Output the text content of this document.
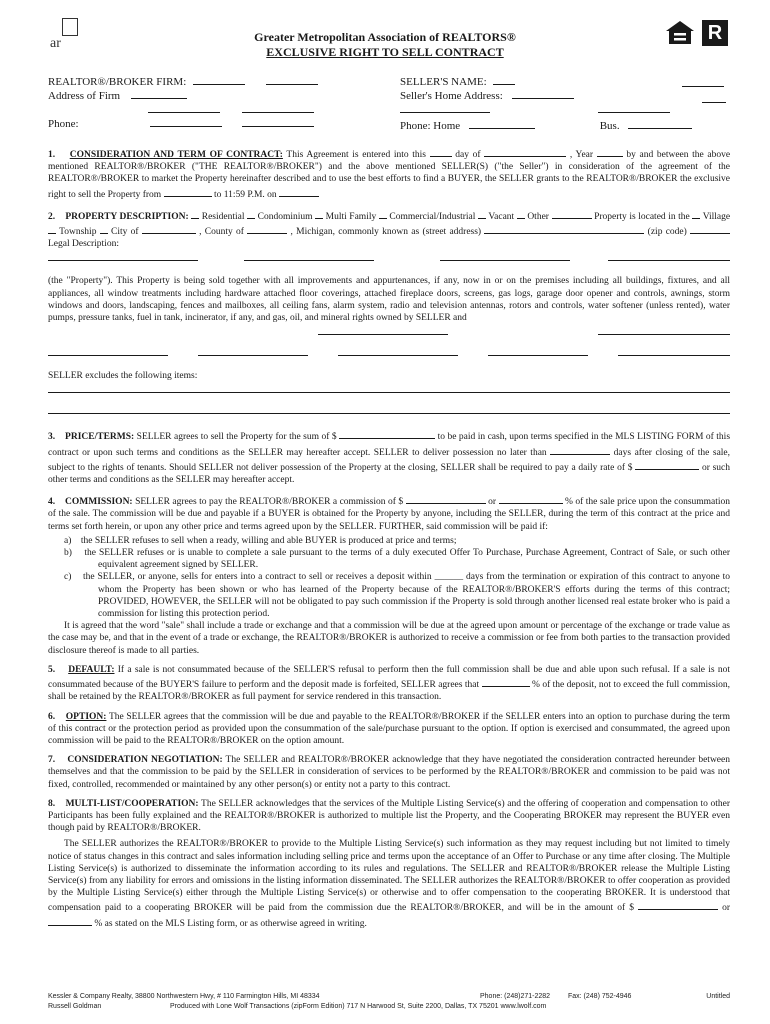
ar	Greater Metropolitan Association of REALTORS®
EXCLUSIVE RIGHT TO SELL CONTRACT
R
REALTOR®/BROKER FIRM:
Address of Firm
Phone:
SELLER'S NAME:
Seller's Home Address:
Phone: Home	Bus.

1. CONSIDERATION AND TERM OF CONTRACT: This Agreement is entered into this	day of	, Year	by and between the above mentioned REALTOR®/BROKER ("THE REALTOR®/BROKER") and the above mentioned SELLER(S) ("the Seller") in consideration of the agreement of the REALTOR®/BROKER to market the Property hereinafter described and to use the best efforts to find a BUYER, the SELLER grants to the REALTOR®/BROKER the exclusive right to sell the Property from	to 11:59 P.M. on

2. PROPERTY DESCRIPTION: Residential Condominium Multi Family Commercial/Industrial Vacant Other	Property is located in the Village  Township City of	, County of	, Michigan, commonly known as (street address)	(zip code)  Legal Description:

(the "Property"). This Property is being sold together with all improvements and appurtenances, if any, now in or on the premises including all buildings, fixtures, and all appliances, all window treatments including hardware attached floor coverings, attached fireplace doors, screens, gas logs, garage door opener and controls, awnings, storm windows and doors, landscaping, fences and mailboxes, all ceiling fans, alarm system, radio and television antennas, rotors and controls, water softener (unless rented), water pumps, pressure tanks, fuel in tank, incinerator, if any, and gas, oil, and mineral rights owned by SELLER and

SELLER excludes the following items:

3. PRICE/TERMS: SELLER agrees to sell the Property for the sum of $	to be paid in cash, upon terms specified in the MLS LISTING FORM of this contract or upon such terms and conditions as the SELLER may hereafter accept. SELLER to deliver possession no later than	days after closing of the sale, subject to the rights of tenants. Should SELLER not deliver possession of the Property at the closing, SELLER shall be required to pay a daily rate of $	or such other terms and conditions as the SELLER may hereafter accept.

4. COMMISSION: SELLER agrees to pay the REALTOR®/BROKER a commission of $	or	% of the sale price upon the consummation of the sale. The commission will be due and payable if a BUYER is obtained for the Property by anyone, including the SELLER, during the term of this contract at the price and terms set forth herein, or upon any other price and terms agreed upon by the SELLER. FURTHER, said commission will be paid if:

a) the SELLER refuses to sell when a ready, willing and able BUYER is produced at price and terms;
b) the SELLER refuses or is unable to complete a sale pursuant to the terms of a duly executed Offer To Purchase, Purchase Agreement, Contract of Sale, or such other equivalent agreement signed by SELLER.
c) the SELLER, or anyone, sells for enters into a contract to sell or receives a deposit within ______ days from the termination or expiration of this contract to anyone to whom the Property has been shown or who has learned of the Property because of the REALTOR®/BROKER'S efforts during the terms of this contract; PROVIDED, HOWEVER, the SELLER will not be obligated to pay such commission if the Property is sold through another licensed real estate broker who is paid a commission for listing this protection period.

It is agreed that the word "sale" shall include a trade or exchange and that a commission will be due at the agreed upon amount or percentage of the exchange or trade value as the case may be, and that in the event of a trade or exchange, the REALTOR®/BROKER is authorized to receive a commission or fee from both parties to the transaction provided disclosure thereof is made to all parties.

5. DEFAULT: If a sale is not consummated because of the SELLER'S refusal to perform then the full commission shall be due and able upon such refusal. If a sale is not consummated because of the BUYER'S failure to perform and the deposit made is forfeited, SELLER agrees that	% of the deposit, not to exceed the full commission, shall be retained by the REALTOR®/BROKER as full payment for service rendered in this transaction.

6. OPTION: The SELLER agrees that the commission will be due and payable to the REALTOR®/BROKER if the SELLER enters into an option to purchase during the term of this contract or the protection period as provided upon the consummation of the sale/purchase pursuant to the option. If option is exercised and consummated, the agreed upon commission will be paid to the REALTOR®/BROKER on the option amount.

7. CONSIDERATION NEGOTIATION: The SELLER and REALTOR®/BROKER acknowledge that they have negotiated the consideration contracted hereunder between themselves and that the commission to be paid by the SELLER in consideration of services to be performed by the REALTOR®/BROKER and commission to be paid was not fixed, controlled, recommended or maintained by any other person(s) or entity not a party to this contract.

8. MULTI-LIST/COOPERATION: The SELLER acknowledges that the services of the Multiple Listing Service(s) and the offering of cooperation and compensation to other Participants has been fully explained and the REALTOR®/BROKER is authorized to multiple list the Property, and the Cooperating BROKER may represent the BUYER even though paid by REALTOR®/BROKER.

The SELLER authorizes the REALTOR®/BROKER to provide to the Multiple Listing Service(s) such information as they may request including but not limited to timely notice of status changes in this contract and sales information including selling price and terms upon the acceptance of an Offer to Purchase or any time after closing. The Multiple Listing Service(s) is authorized to disseminate the information according to its rules and regulations. The SELLER and REALTOR®/BROKER release the Multiple Listing Service(s) from any liability for errors and omissions in the listing information disseminated. The SELLER authorizes the REALTOR®/BROKER to offer cooperation as provided by the Multiple Listing Service(s) either through the Multiple Listing Service(s) or otherwise and to offer compensation to the cooperating BROKER. It is understood that compensation paid to a cooperating BROKER will be paid from the commission due the REALTOR®/BROKER, and will be in the amount of $	or  % as stated on the MLS Listing form, or as otherwise agreed in writing.

Kessler & Company Realty, 38800 Northwestern Hwy, # 110 Farmington Hills, MI 48334	Phone: (248)271-2282	Fax: (248) 752-4946	Untitled
Russell Goldman	Produced with Lone Wolf Transactions (zipForm Edition) 717 N Harwood St, Suite 2200, Dallas, TX 75201 www.lwolf.com
